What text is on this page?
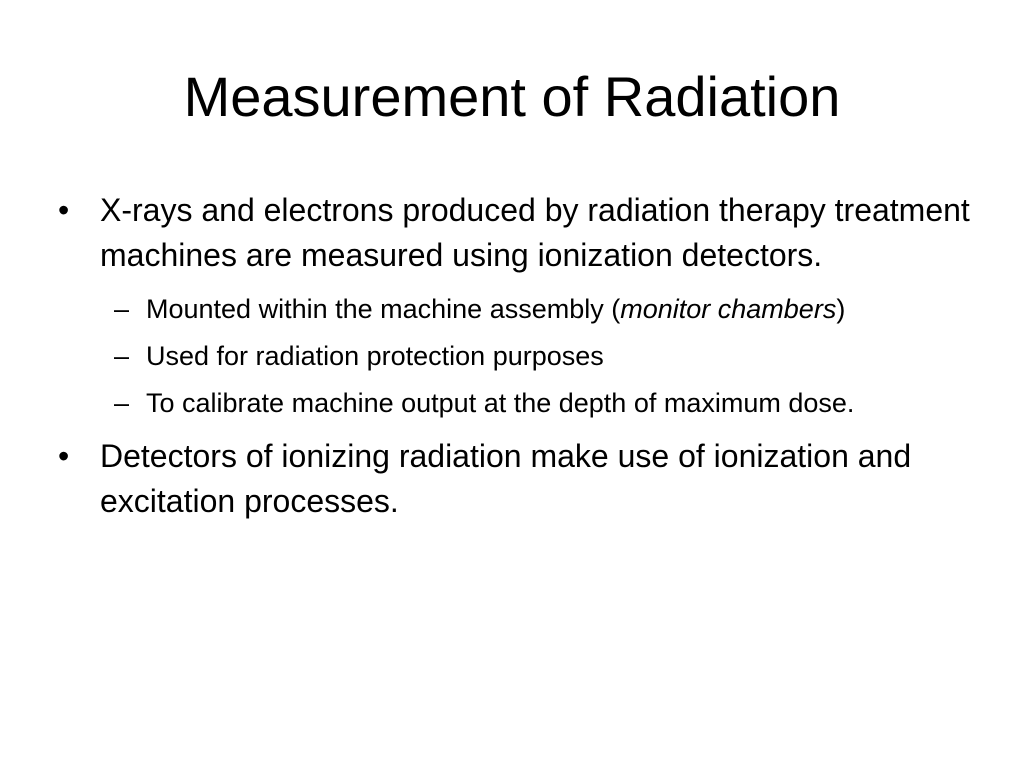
Measurement of Radiation
• X-rays and electrons produced by radiation therapy treatment machines are measured using ionization detectors.
– Mounted within the machine assembly (monitor chambers)
– Used for radiation protection purposes
– To calibrate machine output at the depth of maximum dose.
• Detectors of ionizing radiation make use of ionization and excitation processes.
